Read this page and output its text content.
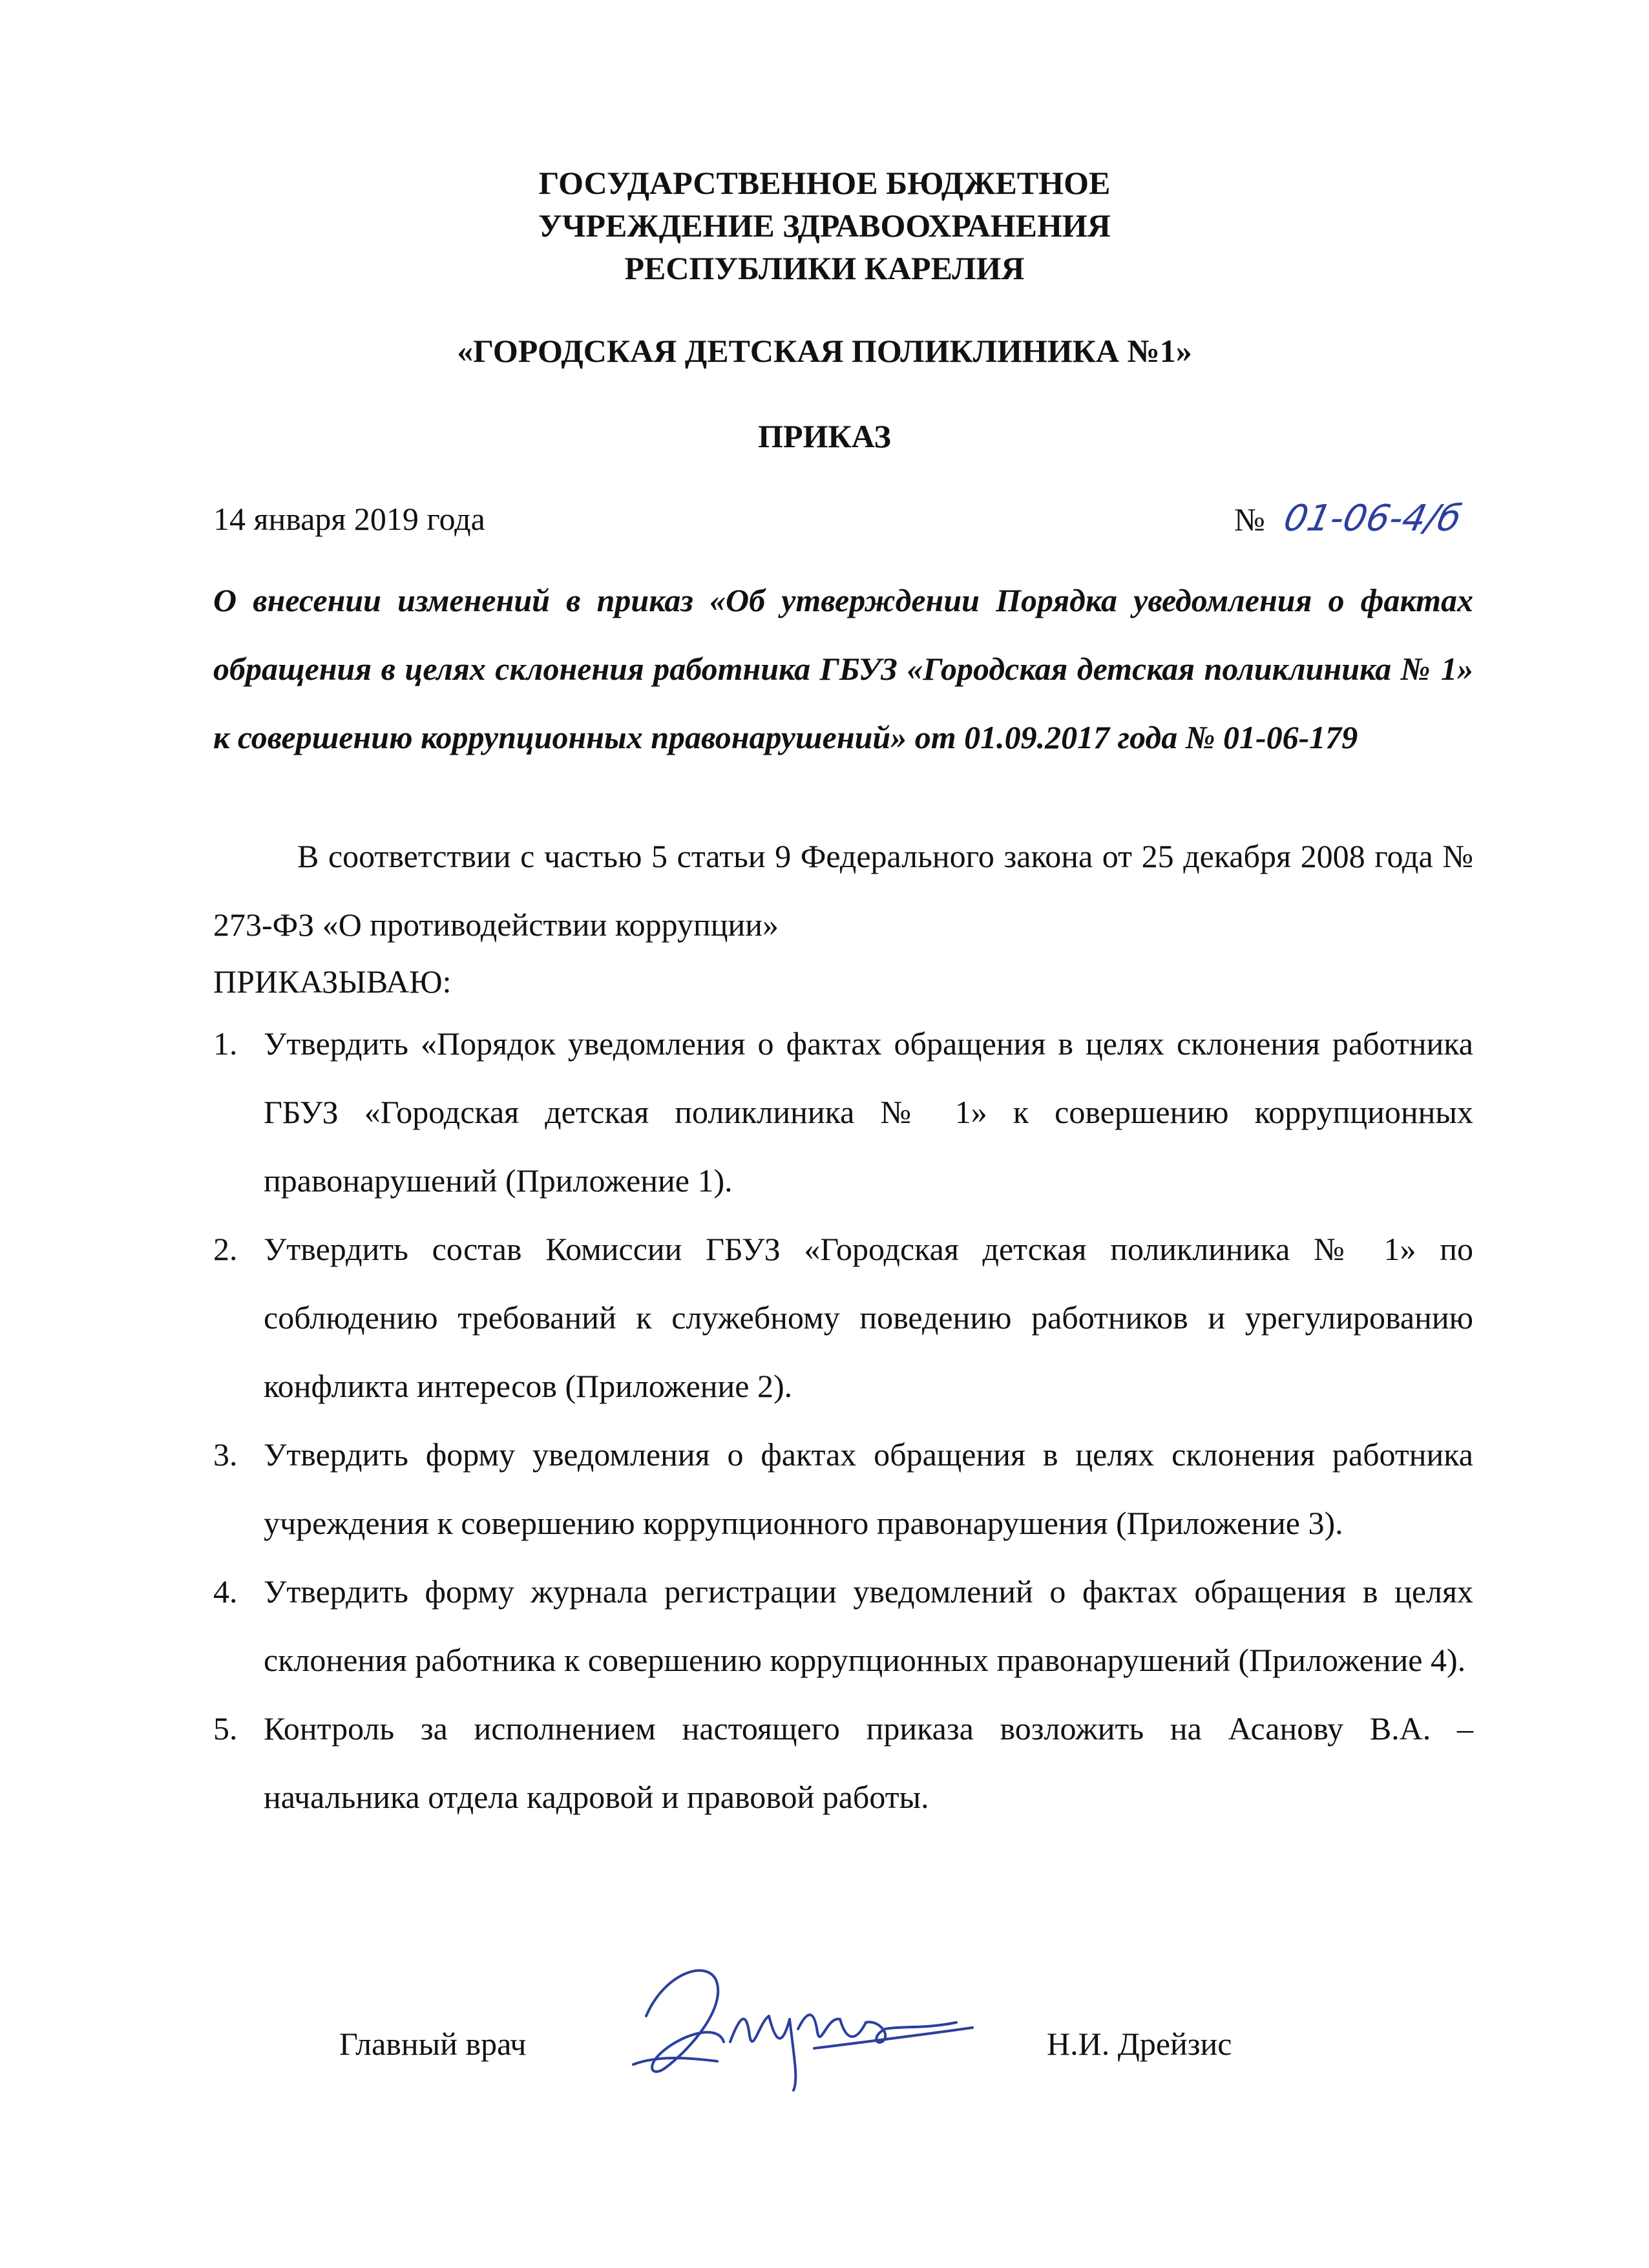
ГОСУДАРСТВЕННОЕ БЮДЖЕТНОЕ
УЧРЕЖДЕНИЕ ЗДРАВООХРАНЕНИЯ
РЕСПУБЛИКИ КАРЕЛИЯ
«ГОРОДСКАЯ ДЕТСКАЯ ПОЛИКЛИНИКА №1»
ПРИКАЗ
14 января 2019 года	№ 01-06-4/б
О внесении изменений в приказ «Об утверждении Порядка уведомления о фактах обращения в целях склонения работника ГБУЗ «Городская детская поликлиника № 1» к совершению коррупционных правонарушений» от 01.09.2017 года № 01-06-179
В соответствии с частью 5 статьи 9 Федерального закона от 25 декабря 2008 года № 273-ФЗ «О противодействии коррупции»
ПРИКАЗЫВАЮ:
1. Утвердить «Порядок уведомления о фактах обращения в целях склонения работника ГБУЗ «Городская детская поликлиника № 1» к совершению коррупционных правонарушений (Приложение 1).
2. Утвердить состав Комиссии ГБУЗ «Городская детская поликлиника № 1» по соблюдению требований к служебному поведению работников и урегулированию конфликта интересов (Приложение 2).
3. Утвердить форму уведомления о фактах обращения в целях склонения работника учреждения к совершению коррупционного правонарушения (Приложение 3).
4. Утвердить форму журнала регистрации уведомлений о фактах обращения в целях склонения работника к совершению коррупционных правонарушений (Приложение 4).
5. Контроль за исполнением настоящего приказа возложить на Асанову В.А. – начальника отдела кадровой и правовой работы.
Главный врач	Н.И. Дрейзис
